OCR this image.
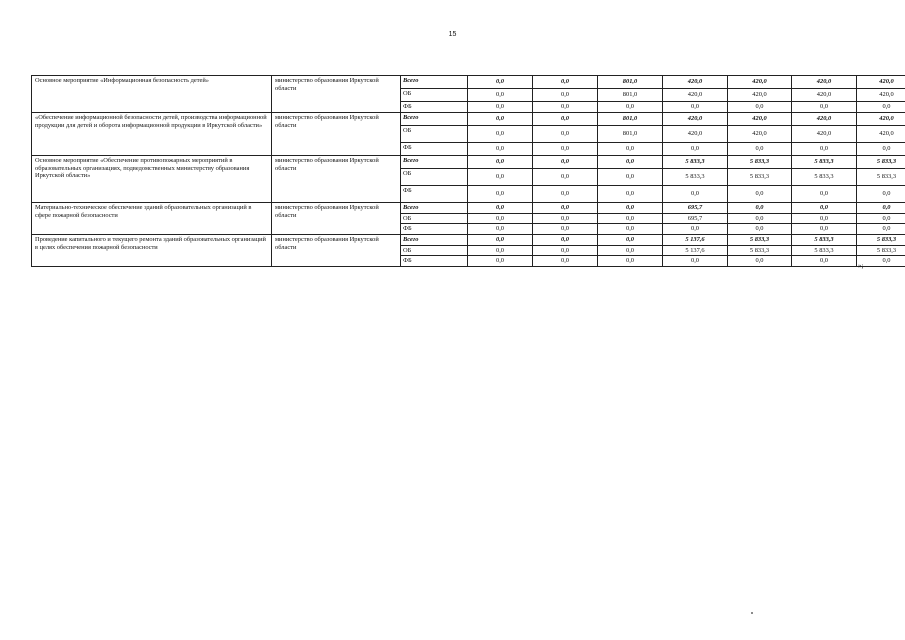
15
Основное мероприятие «Информационная безопасность детей»	министерство образования Иркутской области	Всего	0,0	0,0	801,0	420,0	420,0	420,0	420,0
		ОБ	0,0	0,0	801,0	420,0	420,0	420,0	420,0
		ФБ	0,0	0,0	0,0	0,0	0,0	0,0	0,0
«Обеспечение информационной безопасности детей, производства информационной продукции для детей и оборота информационной продукции в Иркутской области»	министерство образования Иркутской области	Всего	0,0	0,0	801,0	420,0	420,0	420,0	420,0
		ОБ	0,0	0,0	801,0	420,0	420,0	420,0	420,0
		ФБ	0,0	0,0	0,0	0,0	0,0	0,0	0,0
Основное мероприятие «Обеспечение противопожарных мероприятий в образовательных организациях, подведомственных министерству образования Иркутской области»	министерство образования Иркутской области	Всего	0,0	0,0	0,0	5 833,3	5 833,3	5 833,3	5 833,3
		ОБ	0,0	0,0	0,0	5 833,3	5 833,3	5 833,3	5 833,3
		ФБ	0,0	0,0	0,0	0,0	0,0	0,0	0,0
Материально-техническое обеспечение зданий образовательных организаций в сфере пожарной безопасности	министерство образования Иркутской области	Всего	0,0	0,0	0,0	695,7	0,0	0,0	0,0
		ОБ	0,0	0,0	0,0	695,7	0,0	0,0	0,0
		ФБ	0,0	0,0	0,0	0,0	0,0	0,0	0,0
Проведение капитального и текущего ремонта зданий образовательных организаций в целях обеспечения пожарной безопасности	министерство образования Иркутской области	Всего	0,0	0,0	0,0	5 137,6	5 833,3	5 833,3	5 833,3
		ОБ	0,0	0,0	0,0	5 137,6	5 833,3	5 833,3	5 833,3
		ФБ	0,0	0,0	0,0	0,0	0,0	0,0	0,0
»;
